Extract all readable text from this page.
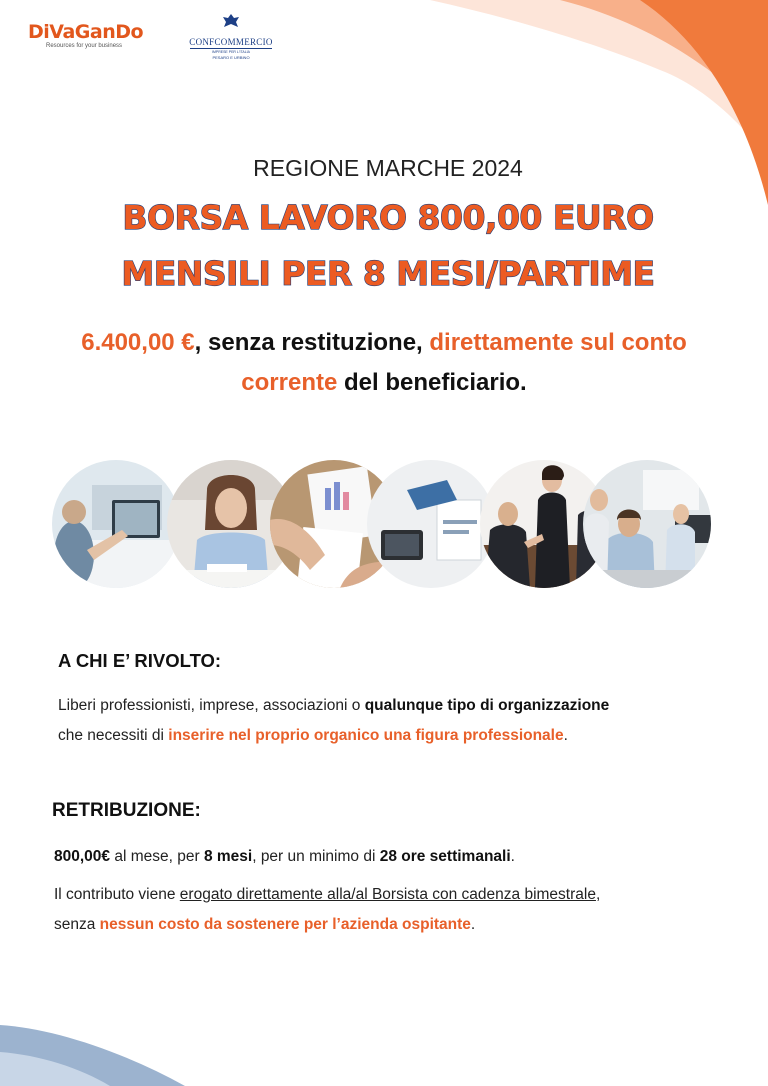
DiVaGanDo
Resources for your business	CONFCOMMERCIO
IMPRESE PER L'ITALIA
PESARO E URBINO
REGIONE MARCHE 2024
BORSA LAVORO 800,00 EURO
MENSILI PER 8 MESI/PARTIME
6.400,00 €, senza restituzione, direttamente sul conto
corrente del beneficiario.
A CHI E’ RIVOLTO:
Liberi professionisti, imprese, associazioni o qualunque tipo di organizzazione
che necessiti di inserire nel proprio organico una figura professionale.
RETRIBUZIONE:
800,00€ al mese, per 8 mesi, per un minimo di 28 ore settimanali.
Il contributo viene erogato direttamente alla/al Borsista con cadenza bimestrale,
senza nessun costo da sostenere per l’azienda ospitante.
